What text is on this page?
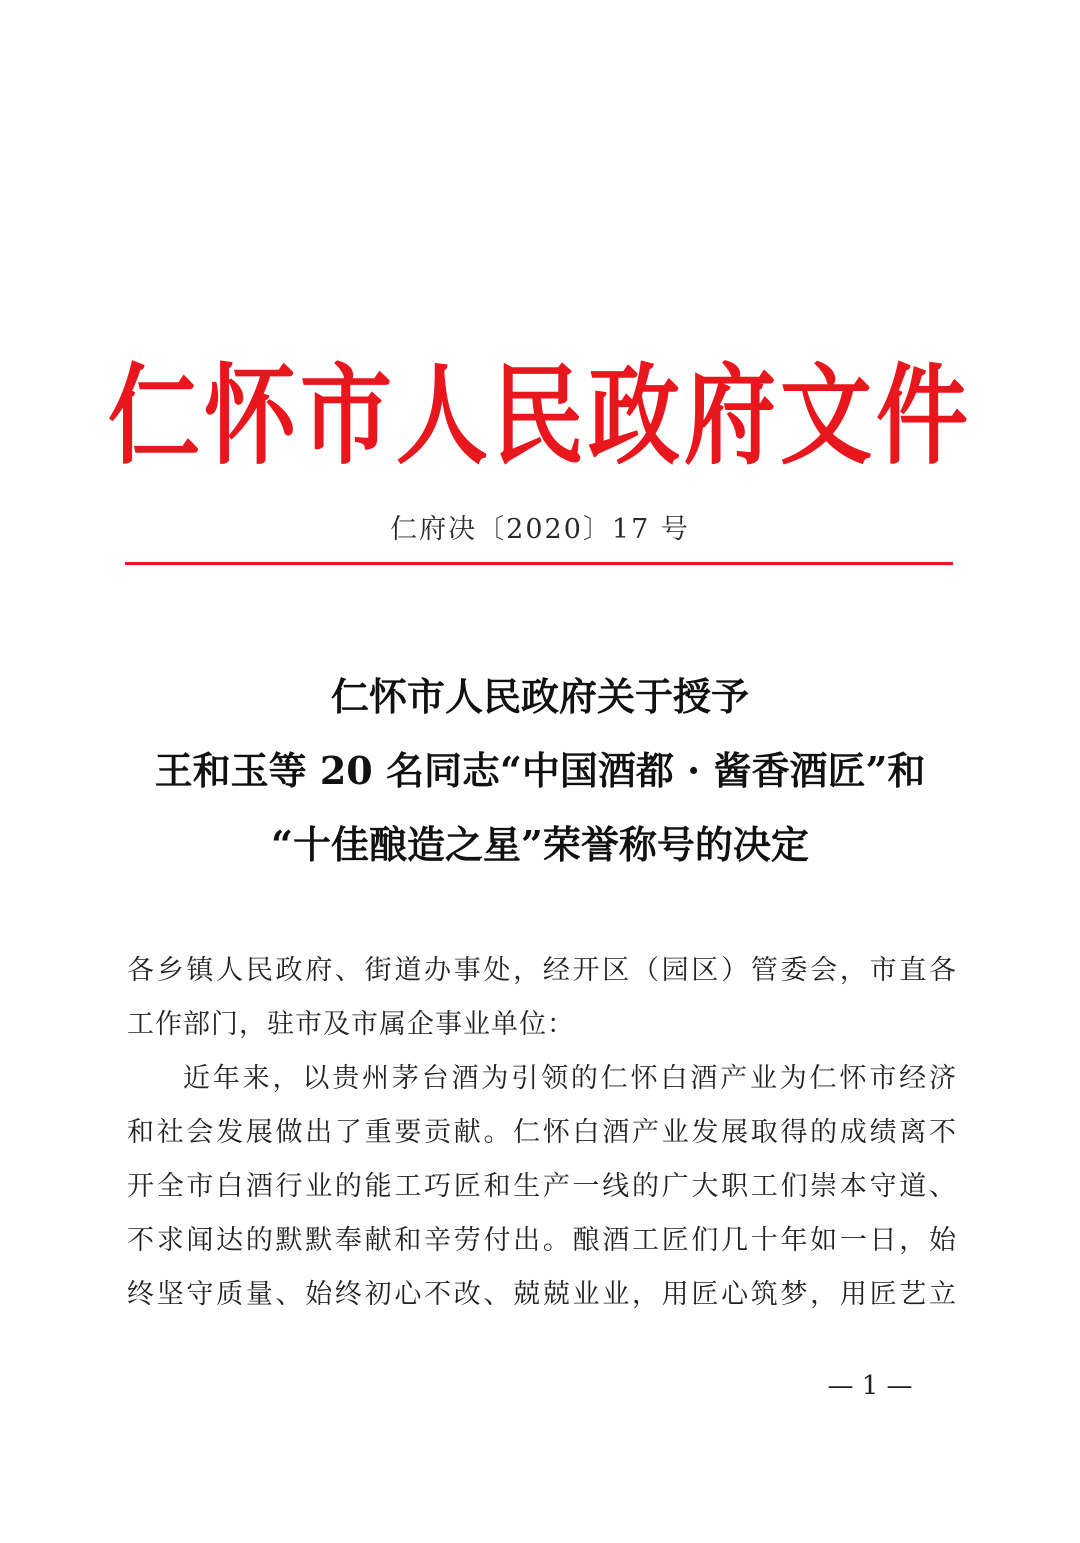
仁怀市人民政府文件
仁府决〔2020〕17 号
仁怀市人民政府关于授予
王和玉等 20 名同志“中国酒都 · 酱香酒匠”和
“十佳酿造之星”荣誉称号的决定
各乡镇人民政府、街道办事处，经开区（园区）管委会，市直各
工作部门，驻市及市属企事业单位：
近年来，以贵州茅台酒为引领的仁怀白酒产业为仁怀市经济
和社会发展做出了重要贡献。仁怀白酒产业发展取得的成绩离不
开全市白酒行业的能工巧匠和生产一线的广大职工们崇本守道、
不求闻达的默默奉献和辛劳付出。酿酒工匠们几十年如一日，始
终坚守质量、始终初心不改、兢兢业业，用匠心筑梦，用匠艺立
— 1 —
